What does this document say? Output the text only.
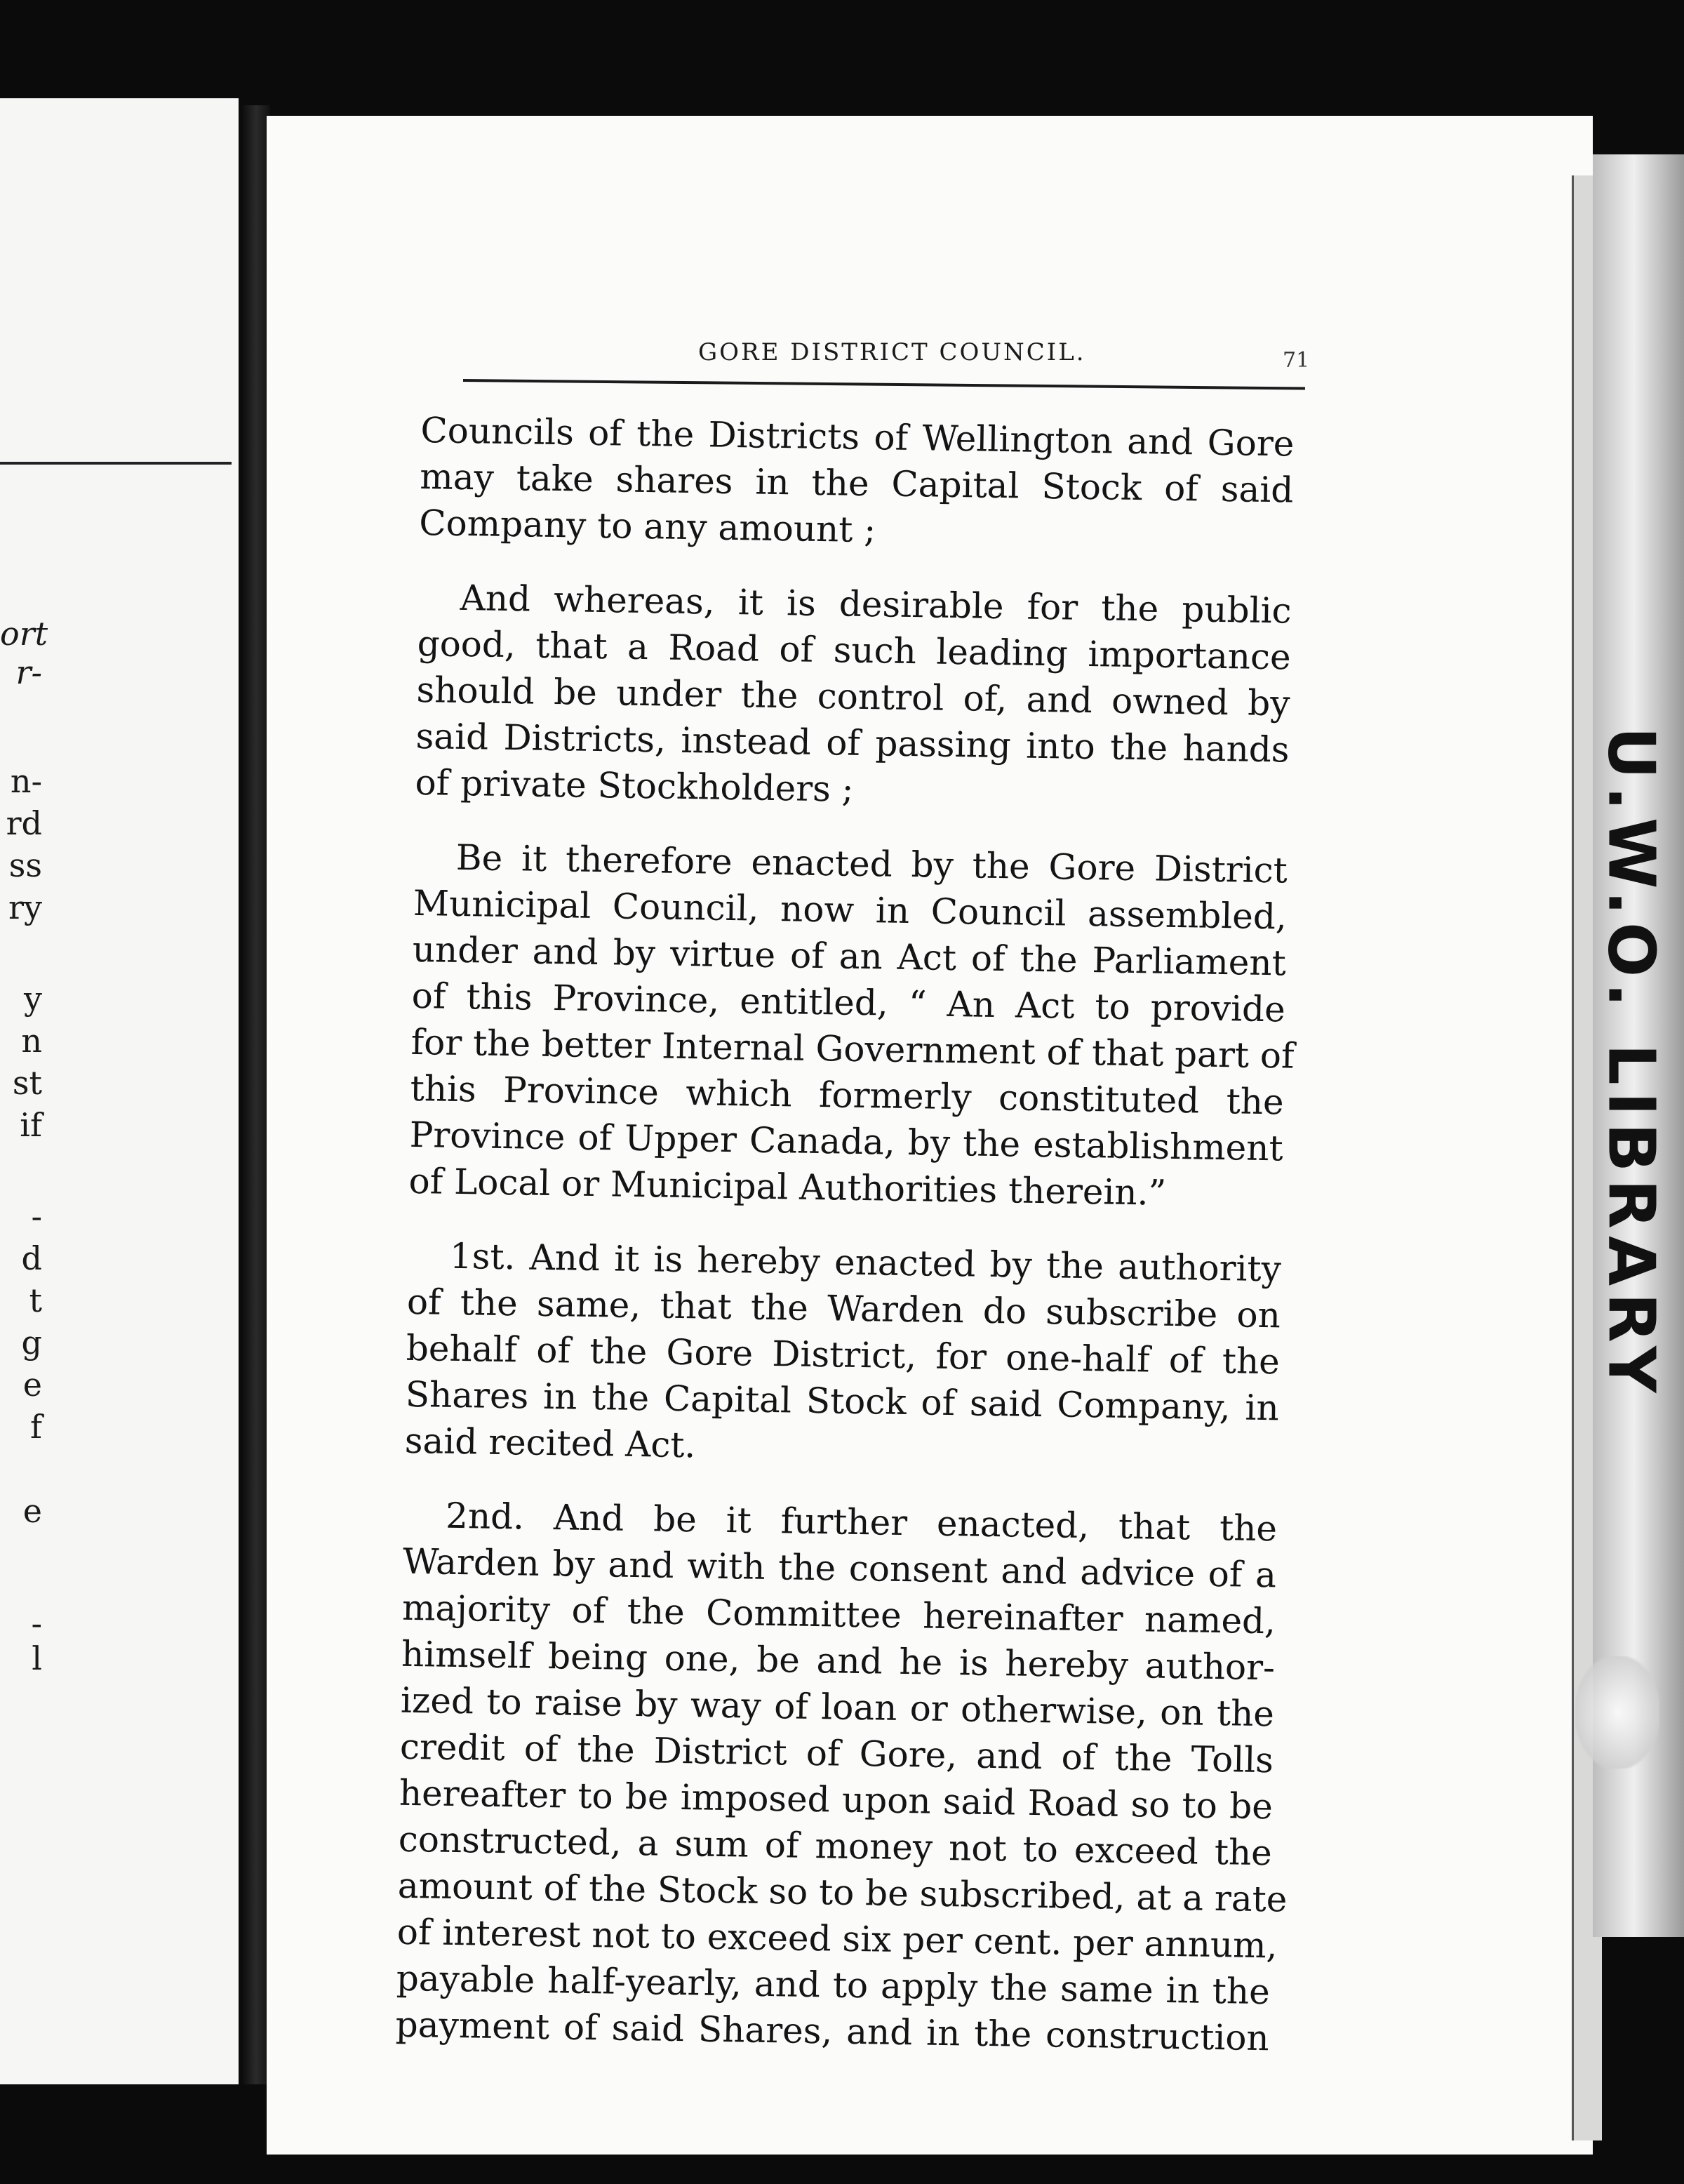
ort
r-
n-
rd
ss
ry
y
n
st
if
-
d
t
g
e
f
e
-
l
U.W.O. LIBRARY
GORE DISTRICT COUNCIL.	71

Councils of the Districts of Wellington and Gore
may take shares in the Capital Stock of said
Company to any amount ;

And whereas, it is desirable for the public
good, that a Road of such leading importance
should be under the control of, and owned by
said Districts, instead of passing into the hands
of private Stockholders ;

Be it therefore enacted by the Gore District
Municipal Council, now in Council assembled,
under and by virtue of an Act of the Parliament
of this Province, entitled, “ An Act to provide
for the better Internal Government of that part of
this Province which formerly constituted the
Province of Upper Canada, by the establishment
of Local or Municipal Authorities therein.”

1st. And it is hereby enacted by the authority
of the same, that the Warden do subscribe on
behalf of the Gore District, for one-half of the
Shares in the Capital Stock of said Company, in
said recited Act.

2nd. And be it further enacted, that the
Warden by and with the consent and advice of a
majority of the Committee hereinafter named,
himself being one, be and he is hereby author-
ized to raise by way of loan or otherwise, on the
credit of the District of Gore, and of the Tolls
hereafter to be imposed upon said Road so to be
constructed, a sum of money not to exceed the
amount of the Stock so to be subscribed, at a rate
of interest not to exceed six per cent. per annum,
payable half-yearly, and to apply the same in the
payment of said Shares, and in the construction
